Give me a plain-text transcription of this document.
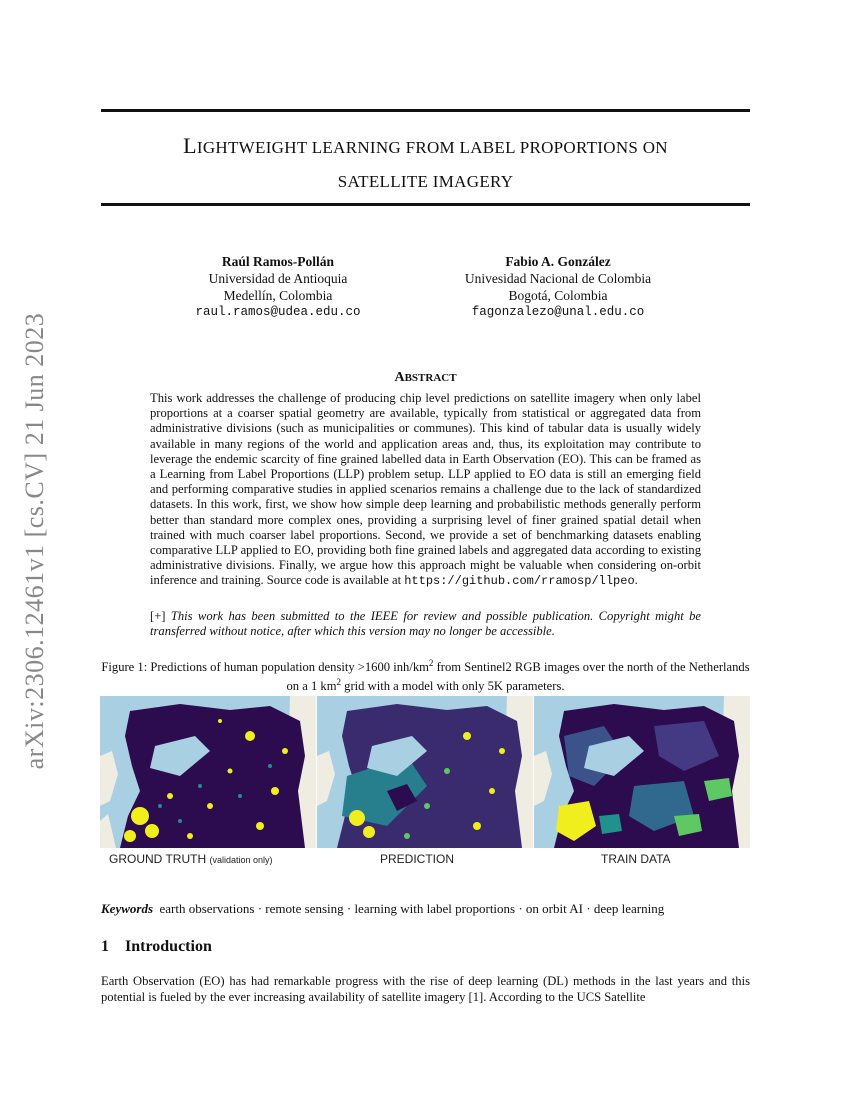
LIGHTWEIGHT LEARNING FROM LABEL PROPORTIONS ON
SATELLITE IMAGERY
arXiv:2306.12461v1 [cs.CV] 21 Jun 2023
Raúl Ramos-Pollán
Universidad de Antioquia
Medellín, Colombia
raul.ramos@udea.edu.co
Fabio A. González
Univesidad Nacional de Colombia
Bogotá, Colombia
fagonzalezo@unal.edu.co
ABSTRACT
This work addresses the challenge of producing chip level predictions on satellite imagery when only label proportions at a coarser spatial geometry are available, typically from statistical or aggregated data from administrative divisions (such as municipalities or communes). This kind of tabular data is usually widely available in many regions of the world and application areas and, thus, its exploitation may contribute to leverage the endemic scarcity of fine grained labelled data in Earth Observation (EO). This can be framed as a Learning from Label Proportions (LLP) problem setup. LLP applied to EO data is still an emerging field and performing comparative studies in applied scenarios remains a challenge due to the lack of standardized datasets. In this work, first, we show how simple deep learning and probabilistic methods generally perform better than standard more complex ones, providing a surprising level of finer grained spatial detail when trained with much coarser label proportions. Second, we provide a set of benchmarking datasets enabling comparative LLP applied to EO, providing both fine grained labels and aggregated data according to existing administrative divisions. Finally, we argue how this approach might be valuable when considering on-orbit inference and training. Source code is available at https://github.com/rramosp/llpeo.
[+] This work has been submitted to the IEEE for review and possible publication. Copyright might be transferred without notice, after which this version may no longer be accessible.
Figure 1: Predictions of human population density >1600 inh/$km^2$ from Sentinel2 RGB images over the north of the Netherlands on a 1 $km^2$ grid with a model with only 5K parameters.
GROUND TRUTH (validation only)	PREDICTION	TRAIN DATA
Keywords earth observations · remote sensing · learning with label proportions · on orbit AI · deep learning
1    Introduction
Earth Observation (EO) has had remarkable progress with the rise of deep learning (DL) methods in the last years and this potential is fueled by the ever increasing availability of satellite imagery [1]. According to the UCS Satellite
